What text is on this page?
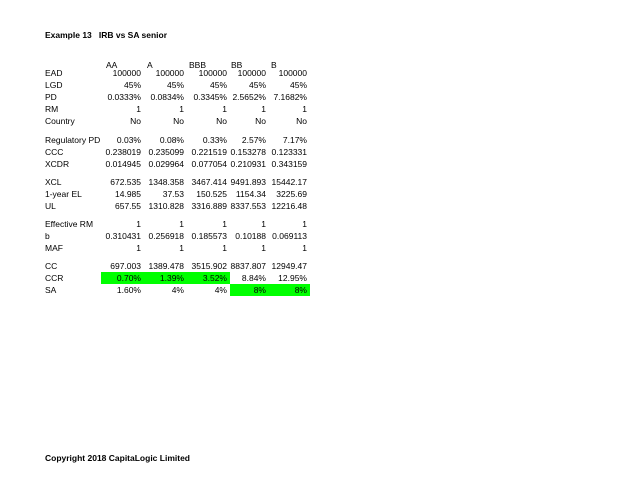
Example 13   IRB vs SA senior
AA	A	BBB	BB	B
EAD	100000	100000	100000	100000	100000
LGD	45%	45%	45%	45%	45%
PD	0.0333%	0.0834%	0.3345% 2.5652% 7.1682%
RM	1	1	1	1	1
Country	No	No	No	No	No
Regulatory PD	0.03%	0.08%	0.33%	2.57%	7.17%
CCC	0.238019 0.235099 0.221519 0.153278 0.123331
XCDR	0.014945 0.029964 0.077054 0.210931 0.343159
XCL	672.535 1348.358 3467.414 9491.893 15442.17
1-year EL	14.985	37.53	150.525	1154.34	3225.69
UL	657.55 1310.828 3316.889 8337.553 12216.48
Effective RM	1	1	1	1	1
b	0.310431 0.256918 0.185573 0.10188 0.069113
MAF	1	1	1	1	1
CC	697.003 1389.478 3515.902 8837.807 12949.47
CCR	0.70%	1.39%	3.52%	8.84%	12.95%
SA	1.60%	4%	4%	8%	8%
Copyright 2018 CapitaLogic Limited
